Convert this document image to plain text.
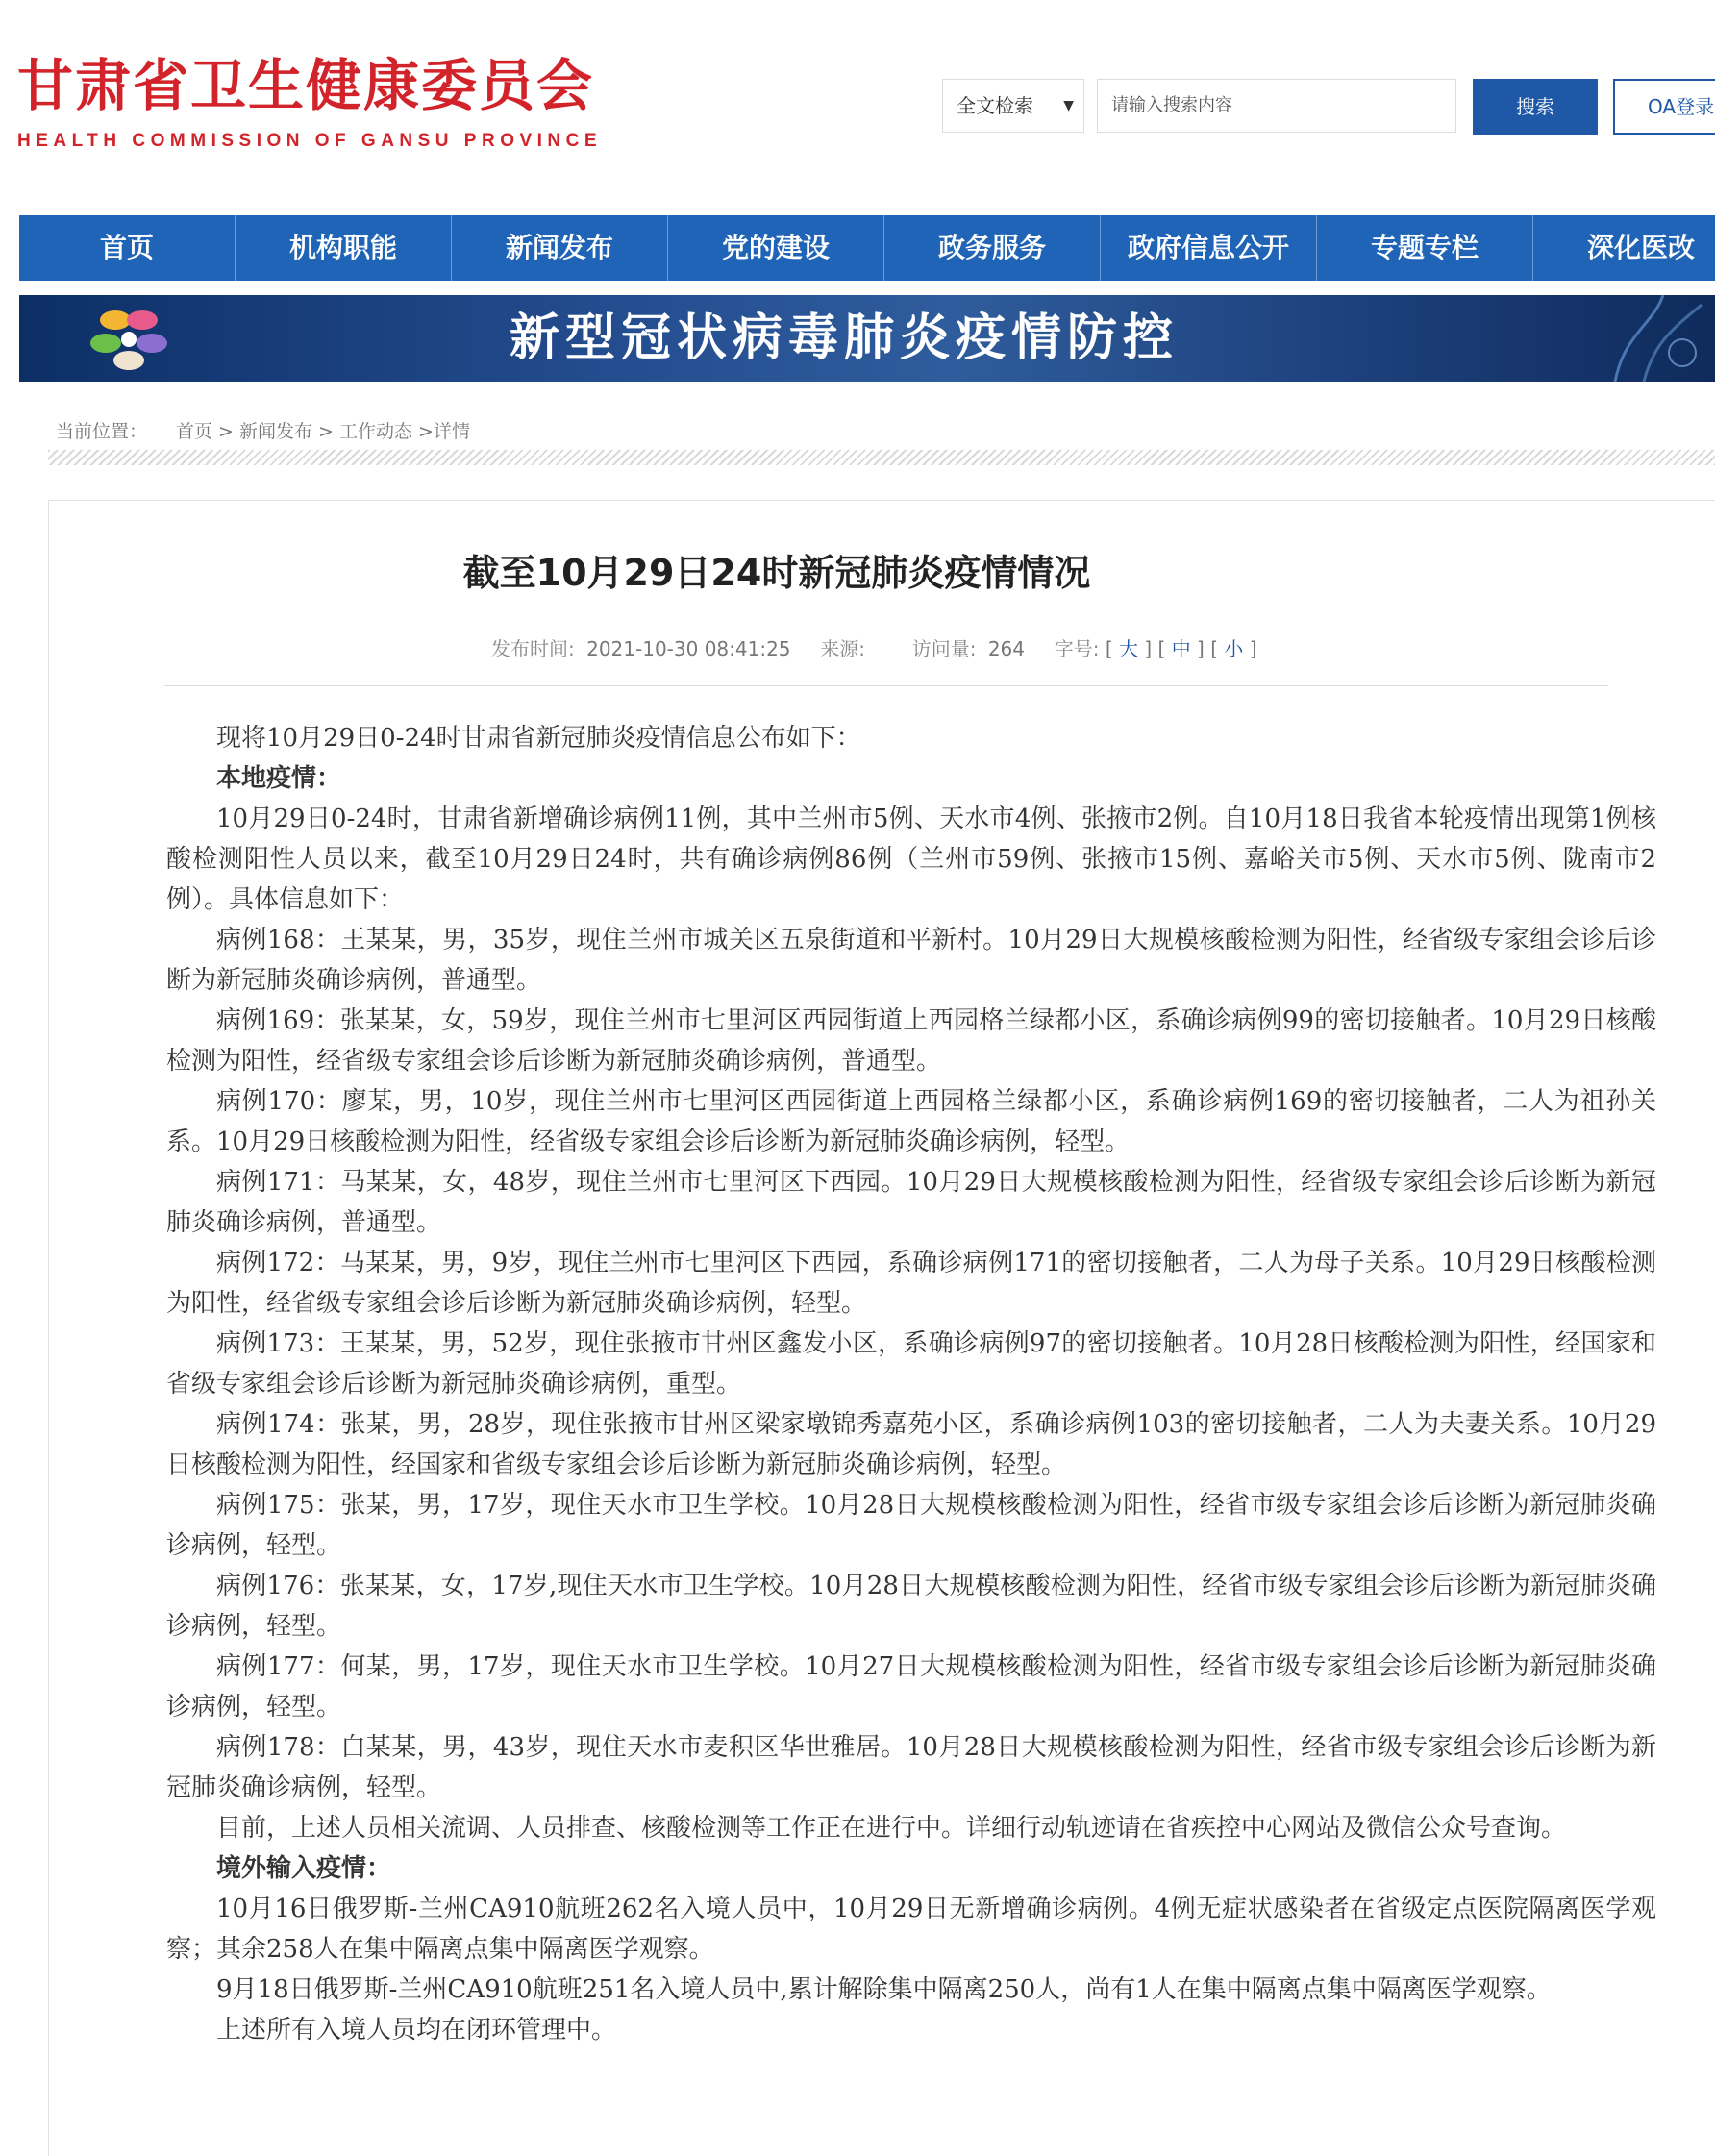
甘肃省卫生健康委员会
HEALTH COMMISSION OF GANSU PROVINCE
全文检索 ▼	请输入搜索内容	搜索	OA登录
首页	机构职能	新闻发布	党的建设	政务服务	政府信息公开	专题专栏	深化医改
新型冠状病毒肺炎疫情防控
当前位置： 首页 > 新闻发布 > 工作动态 >详情
截至10月29日24时新冠肺炎疫情情况
发布时间: 2021-10-30 08:41:25 来源: 访问量: 264 字号: [ 大 ] [ 中 ] [ 小 ]

现将10月29日0-24时甘肃省新冠肺炎疫情信息公布如下：

本地疫情：

10月29日0-24时，甘肃省新增确诊病例11例，其中兰州市5例、天水市4例、张掖市2例。自10月18日我省本轮疫情出现第1例核酸检测阳性人员以来，截至10月29日24时，共有确诊病例86例（兰州市59例、张掖市15例、嘉峪关市5例、天水市5例、陇南市2例）。具体信息如下：

病例168：王某某，男，35岁，现住兰州市城关区五泉街道和平新村。10月29日大规模核酸检测为阳性，经省级专家组会诊后诊断为新冠肺炎确诊病例，普通型。

病例169：张某某，女，59岁，现住兰州市七里河区西园街道上西园格兰绿都小区，系确诊病例99的密切接触者。10月29日核酸检测为阳性，经省级专家组会诊后诊断为新冠肺炎确诊病例，普通型。

病例170：廖某，男，10岁，现住兰州市七里河区西园街道上西园格兰绿都小区，系确诊病例169的密切接触者，二人为祖孙关系。10月29日核酸检测为阳性，经省级专家组会诊后诊断为新冠肺炎确诊病例，轻型。

病例171：马某某，女，48岁，现住兰州市七里河区下西园。10月29日大规模核酸检测为阳性，经省级专家组会诊后诊断为新冠肺炎确诊病例，普通型。

病例172：马某某，男，9岁，现住兰州市七里河区下西园，系确诊病例171的密切接触者，二人为母子关系。10月29日核酸检测为阳性，经省级专家组会诊后诊断为新冠肺炎确诊病例，轻型。

病例173：王某某，男，52岁，现住张掖市甘州区鑫发小区，系确诊病例97的密切接触者。10月28日核酸检测为阳性，经国家和省级专家组会诊后诊断为新冠肺炎确诊病例，重型。

病例174：张某，男，28岁，现住张掖市甘州区梁家墩锦秀嘉苑小区，系确诊病例103的密切接触者，二人为夫妻关系。10月29日核酸检测为阳性，经国家和省级专家组会诊后诊断为新冠肺炎确诊病例，轻型。

病例175：张某，男，17岁，现住天水市卫生学校。10月28日大规模核酸检测为阳性，经省市级专家组会诊后诊断为新冠肺炎确诊病例，轻型。

病例176：张某某，女，17岁,现住天水市卫生学校。10月28日大规模核酸检测为阳性，经省市级专家组会诊后诊断为新冠肺炎确诊病例，轻型。

病例177：何某，男，17岁，现住天水市卫生学校。10月27日大规模核酸检测为阳性，经省市级专家组会诊后诊断为新冠肺炎确诊病例，轻型。

病例178：白某某，男，43岁，现住天水市麦积区华世雅居。10月28日大规模核酸检测为阳性，经省市级专家组会诊后诊断为新冠肺炎确诊病例，轻型。

目前，上述人员相关流调、人员排查、核酸检测等工作正在进行中。详细行动轨迹请在省疾控中心网站及微信公众号查询。

境外输入疫情：

10月16日俄罗斯-兰州CA910航班262名入境人员中，10月29日无新增确诊病例。4例无症状感染者在省级定点医院隔离医学观察；其余258人在集中隔离点集中隔离医学观察。

9月18日俄罗斯-兰州CA910航班251名入境人员中,累计解除集中隔离250人，尚有1人在集中隔离点集中隔离医学观察。

上述所有入境人员均在闭环管理中。
